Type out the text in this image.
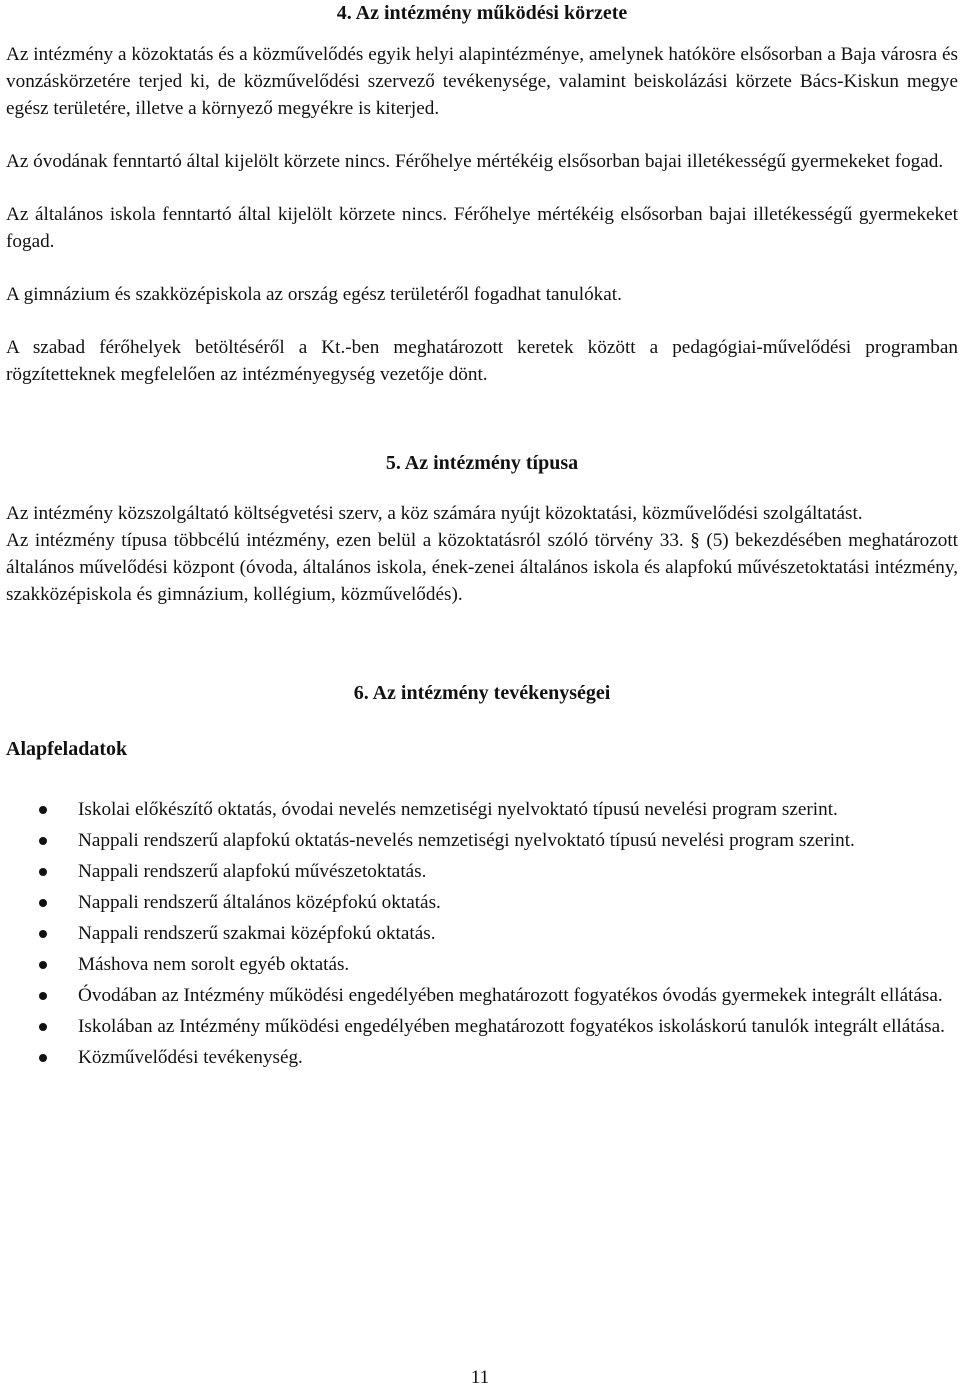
4. Az intézmény működési körzete

Az intézmény a közoktatás és a közművelődés egyik helyi alapintézménye, amelynek hatóköre elsősorban a Baja városra és vonzáskörzetére terjed ki, de közművelődési szervező tevékenysége, valamint beiskolázási körzete Bács-Kiskun megye egész területére, illetve a környező megyékre is kiterjed.

Az óvodának fenntartó által kijelölt körzete nincs. Férőhelye mértékéig elsősorban bajai illetékességű gyermekeket fogad.

Az általános iskola fenntartó által kijelölt körzete nincs. Férőhelye mértékéig elsősorban bajai illetékességű gyermekeket fogad.

A gimnázium és szakközépiskola az ország egész területéről fogadhat tanulókat.

A szabad férőhelyek betöltéséről a Kt.-ben meghatározott keretek között a pedagógiai-művelődési programban rögzítetteknek megfelelően az intézményegység vezetője dönt.

5. Az intézmény típusa

Az intézmény közszolgáltató költségvetési szerv, a köz számára nyújt közoktatási, közművelődési szolgáltatást.

Az intézmény típusa többcélú intézmény, ezen belül a közoktatásról szóló törvény 33. § (5) bekezdésében meghatározott általános művelődési központ (óvoda, általános iskola, ének-zenei általános iskola és alapfokú művészetoktatási intézmény, szakközépiskola és gimnázium, kollégium, közművelődés).

6. Az intézmény tevékenységei
Alapfeladatok
Iskolai előkészítő oktatás, óvodai nevelés nemzetiségi nyelvoktató típusú nevelési program szerint.
Nappali rendszerű alapfokú oktatás-nevelés nemzetiségi nyelvoktató típusú nevelési program szerint.
Nappali rendszerű alapfokú művészetoktatás.
Nappali rendszerű általános középfokú oktatás.
Nappali rendszerű szakmai középfokú oktatás.
Máshova nem sorolt egyéb oktatás.
Óvodában az Intézmény működési engedélyében meghatározott fogyatékos óvodás gyermekek integrált ellátása.
Iskolában az Intézmény működési engedélyében meghatározott fogyatékos iskoláskorú tanulók integrált ellátása.
Közművelődési tevékenység.
11
